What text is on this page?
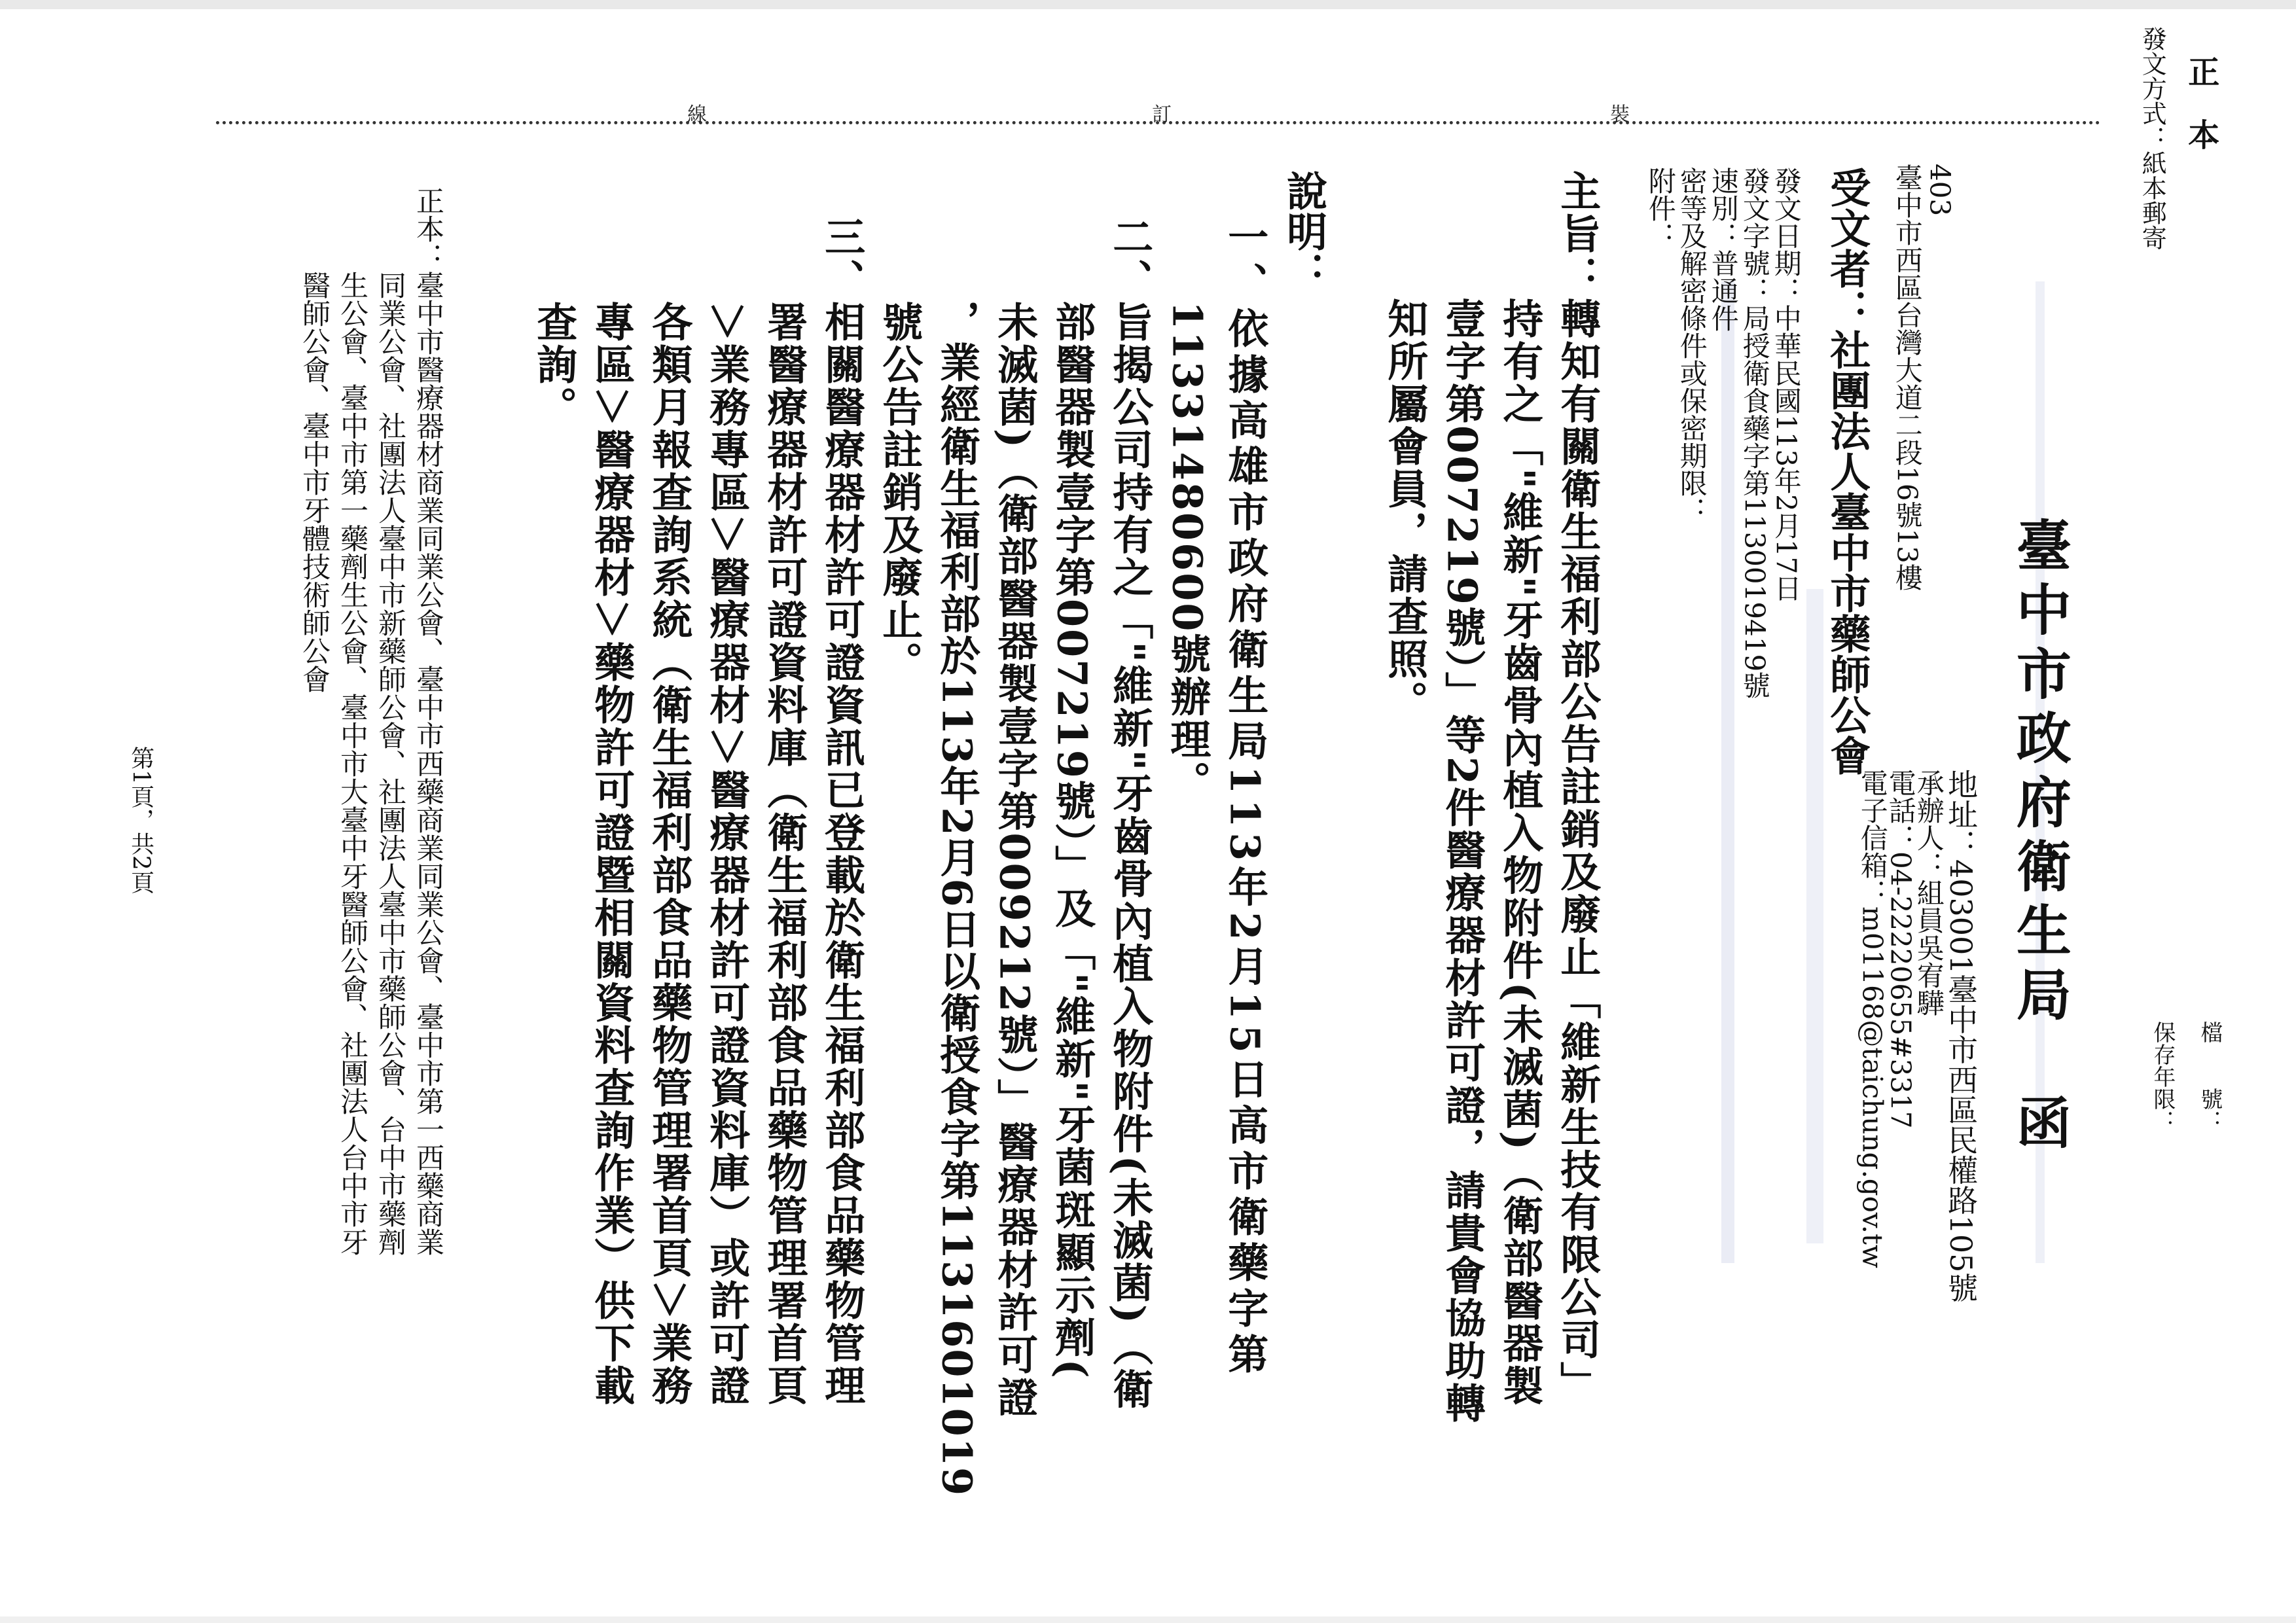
正　本
發文方式：紙本郵寄
檔　　號：
保存年限：
裝
訂
線
臺中市政府衛生局　函
地址：403001臺中市西區民權路105號
承辦人：組員吳宥驊
電話：04-22220655#3317
電子信箱：m01168@taichung.gov.tw
403
臺中市西區台灣大道二段16號13樓
受文者：社團法人臺中市藥師公會
發文日期：中華民國113年2月17日
發文字號：局授衛食藥字第1130019419號
速別：普通件
密等及解密條件或保密期限：
附件：
主旨：轉知有關衛生福利部公告註銷及廢止「維新生技有限公司」
　　　持有之「"維新"牙齒骨內植入物附件(未滅菌)（衛部醫器製
　　　壹字第007219號）」等2件醫療器材許可證，請貴會協助轉
　　　知所屬會員，請查照。
說明：
一、依據高雄市政府衛生局113年2月15日高市衛藥字第
　　11331480600號辦理。
二、旨揭公司持有之「"維新"牙齒骨內植入物附件(未滅菌)（衛
　　部醫器製壹字第007219號）」及「"維新"牙菌斑顯示劑(
　　未滅菌)（衛部醫器製壹字第009212號）」醫療器材許可證
　　，業經衛生福利部於113年2月6日以衛授食字第1131601019
　　號公告註銷及廢止。
三、相關醫療器材許可證資訊已登載於衛生福利部食品藥物管理
　　署醫療器材許可證資料庫（衛生福利部食品藥物管理署首頁
　　＞業務專區＞醫療器材＞醫療器材許可證資料庫）或許可證
　　各類月報查詢系統（衛生福利部食品藥物管理署首頁＞業務
　　專區＞醫療器材＞藥物許可證暨相關資料查詢作業）供下載
　　查詢。
正本：臺中市醫療器材商業同業公會、臺中市西藥商業同業公會、臺中市第一西藥商業
　　　同業公會、社團法人臺中市新藥師公會、社團法人臺中市藥師公會、台中市藥劑
　　　生公會、臺中市第一藥劑生公會、臺中市大臺中牙醫師公會、社團法人台中市牙
　　　醫師公會、臺中市牙體技術師公會
第1頁，共2頁
